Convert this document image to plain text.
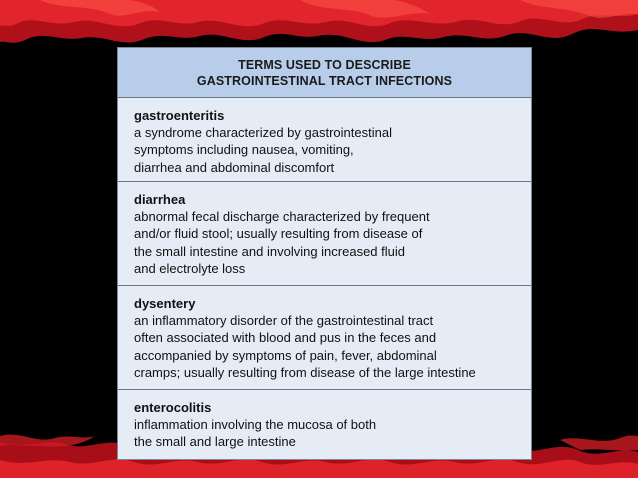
TERMS USED TO DESCRIBE
GASTROINTESTINAL TRACT INFECTIONS
gastroenteritis
a syndrome characterized by gastrointestinal
symptoms including nausea, vomiting,
diarrhea and abdominal discomfort
diarrhea
abnormal fecal discharge characterized by frequent
and/or fluid stool; usually resulting from disease of
the small intestine and involving increased fluid
and electrolyte loss
dysentery
an inflammatory disorder of the gastrointestinal tract
often associated with blood and pus in the feces and
accompanied by symptoms of pain, fever, abdominal
cramps; usually resulting from disease of the large intestine
enterocolitis
inflammation involving the mucosa of both
the small and large intestine
